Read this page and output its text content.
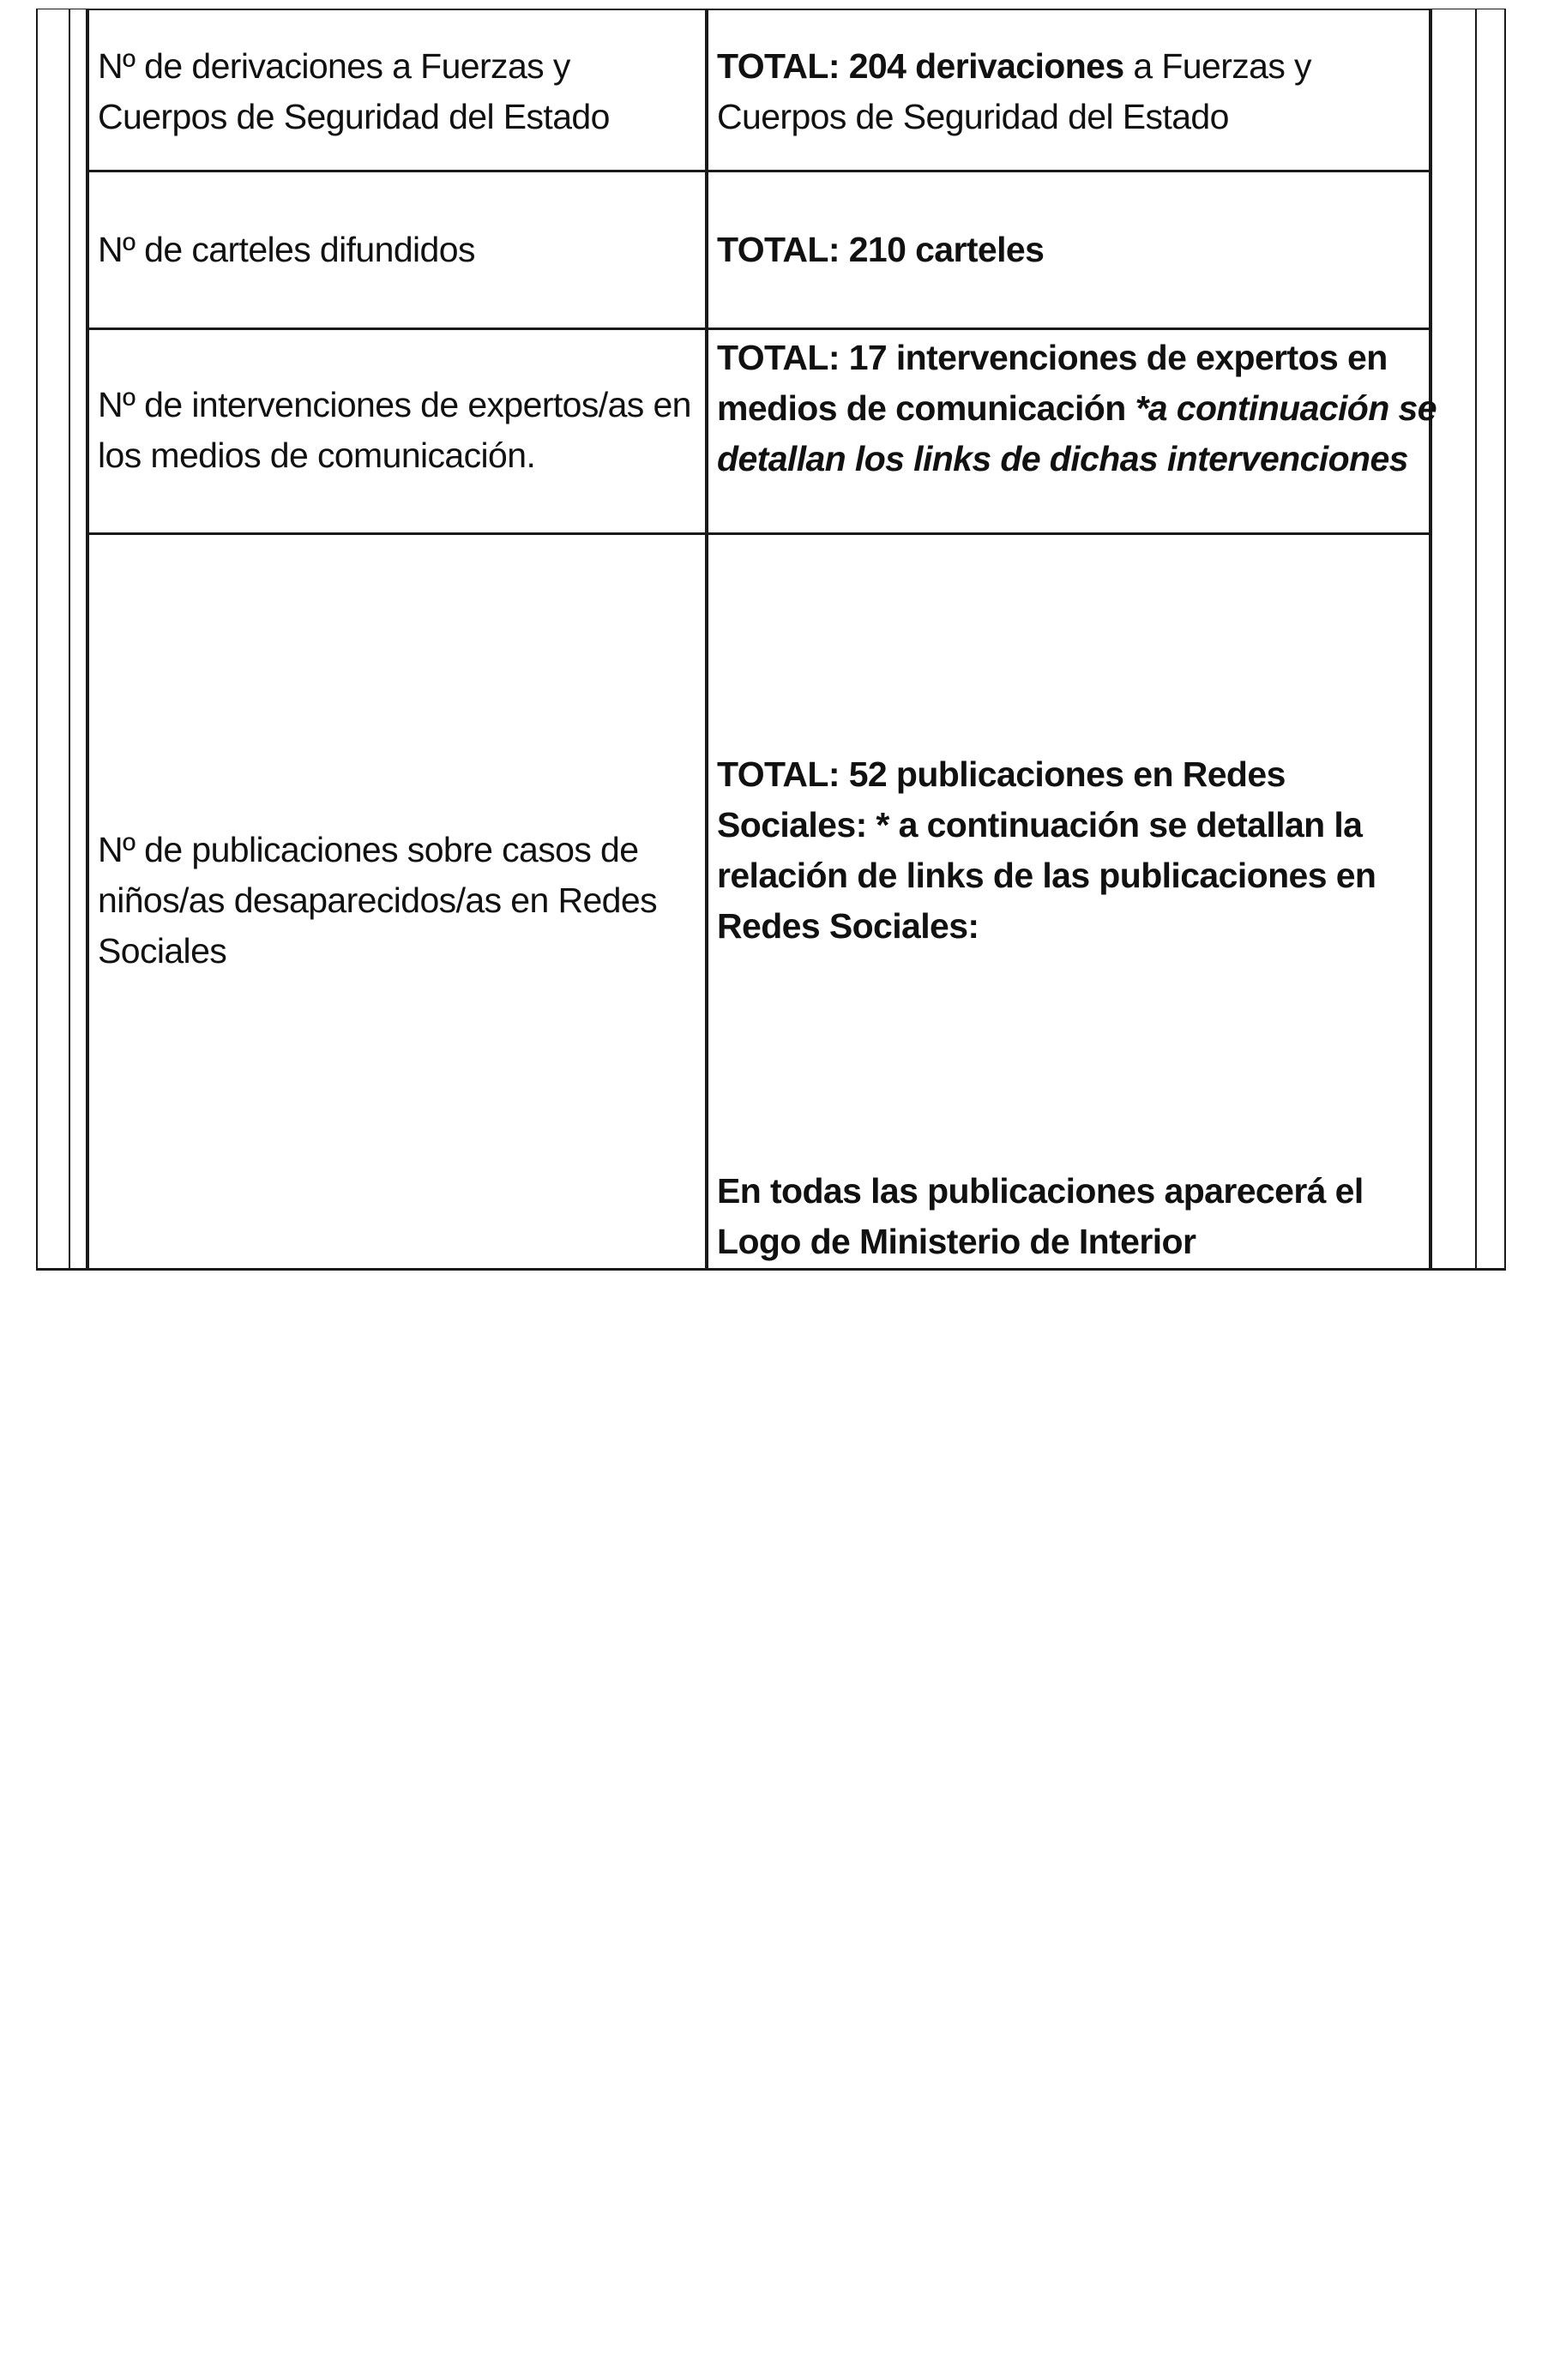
Nº de derivaciones a Fuerzas y Cuerpos de Seguridad del Estado
TOTAL: 204 derivaciones a Fuerzas y Cuerpos de Seguridad del Estado
Nº de carteles difundidos	TOTAL: 210 carteles
Nº de intervenciones de expertos/as en los medios de comunicación.
TOTAL: 17 intervenciones de expertos en medios de comunicación *a continuación se detallan los links de dichas intervenciones
Nº de publicaciones sobre casos de niños/as desaparecidos/as en Redes Sociales
TOTAL: 52 publicaciones en Redes Sociales: * a continuación se detallan la relación de links de las publicaciones en Redes Sociales:
En todas las publicaciones aparecerá el Logo de Ministerio de Interior
